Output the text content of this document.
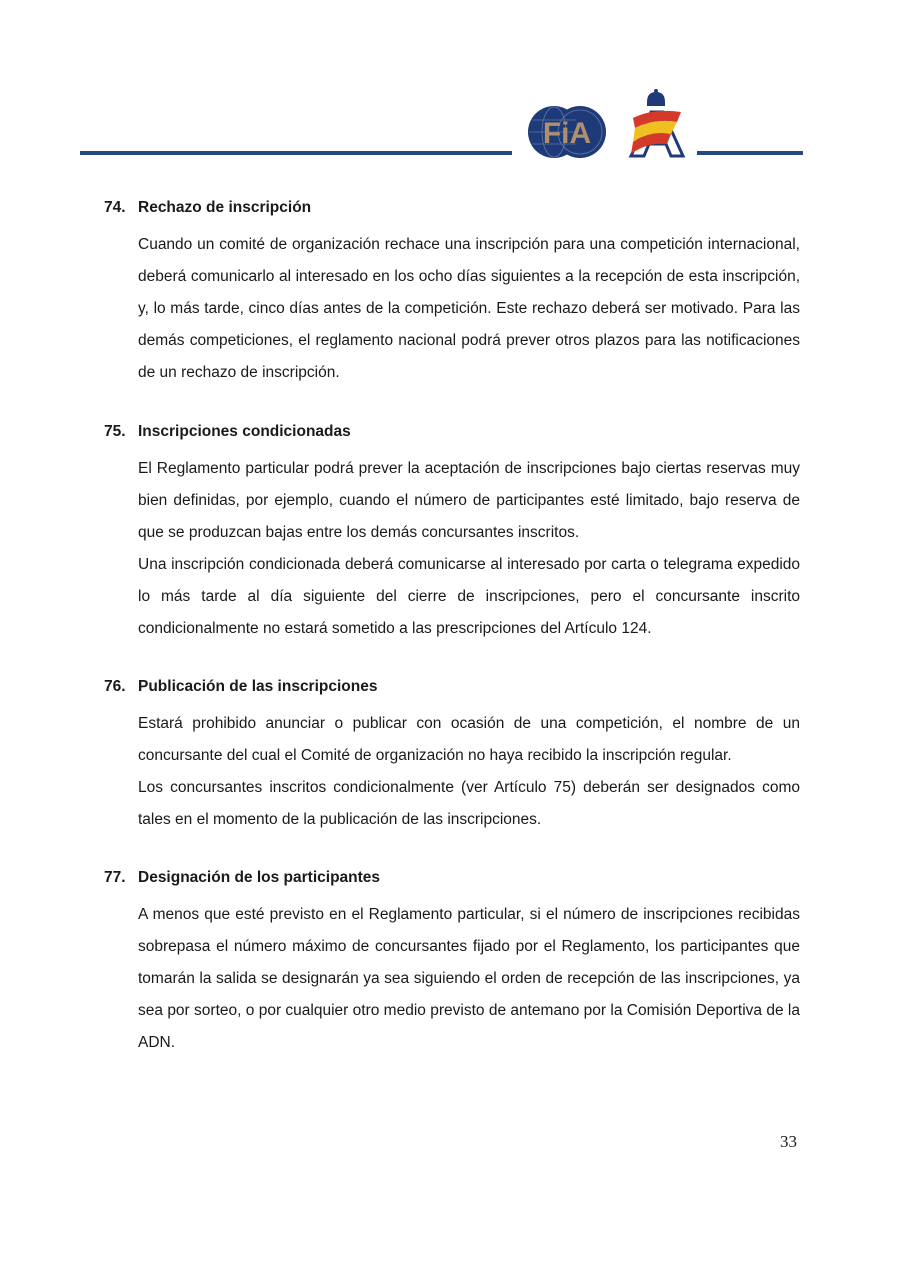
FiA
74. Rechazo de inscripción

Cuando un comité de organización rechace una inscripción para una competición internacional, deberá comunicarlo al interesado en los ocho días siguientes a la recepción de esta inscripción, y, lo más tarde, cinco días antes de la competición. Este rechazo deberá ser motivado. Para las demás competiciones, el reglamento nacional podrá prever otros plazos para las notificaciones de un rechazo de inscripción.

75. Inscripciones condicionadas

El Reglamento particular podrá prever la aceptación de inscripciones bajo ciertas reservas muy bien definidas, por ejemplo, cuando el número de participantes esté limitado, bajo reserva de que se produzcan bajas entre los demás concursantes inscritos.

Una inscripción condicionada deberá comunicarse al interesado por carta o telegrama expedido lo más tarde al día siguiente del cierre de inscripciones, pero el concursante inscrito condicionalmente no estará sometido a las prescripciones del Artículo 124.

76. Publicación de las inscripciones

Estará prohibido anunciar o publicar con ocasión de una competición, el nombre de un concursante del cual el Comité de organización no haya recibido la inscripción regular.

Los concursantes inscritos condicionalmente (ver Artículo 75) deberán ser designados como tales en el momento de la publicación de las inscripciones.

77. Designación de los participantes

A menos que esté previsto en el Reglamento particular, si el número de inscripciones recibidas sobrepasa el número máximo de concursantes fijado por el Reglamento, los participantes que tomarán la salida se designarán ya sea siguiendo el orden de recepción de las inscripciones, ya sea por sorteo, o por cualquier otro medio previsto de antemano por la Comisión Deportiva de la ADN.

33
